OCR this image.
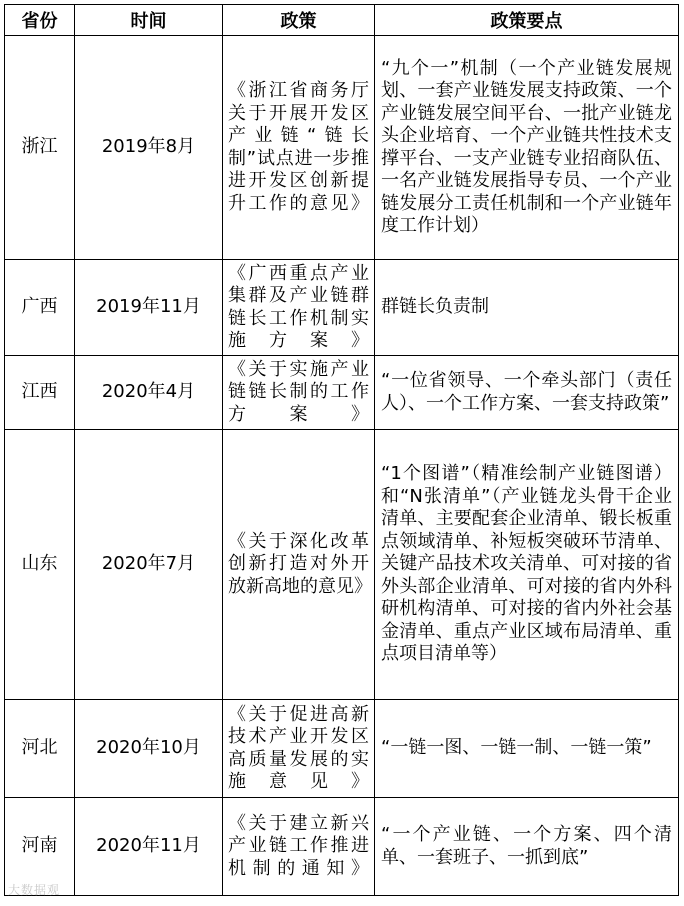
省份	时间	政策	政策要点
浙江	2019年8月	《浙江省商务厅关于开展开发区产业链“链长制”试点进一步推进开发区创新提升工作的意见》	“九个一”机制（一个产业链发展规划、一套产业链发展支持政策、一个产业链发展空间平台、一批产业链龙头企业培育、一个产业链共性技术支撑平台、一支产业链专业招商队伍、一名产业链发展指导专员、一个产业链发展分工责任机制和一个产业链年度工作计划）
广西	2019年11月	《广西重点产业集群及产业链群链长工作机制实施方案》	群链长负责制
江西	2020年4月	《关于实施产业链链长制的工作方案》	“一位省领导、一个牵头部门（责任人）、一个工作方案、一套支持政策”
山东	2020年7月	《关于深化改革创新打造对外开放新高地的意见》	“1个图谱”（精准绘制产业链图谱）和“N张清单”（产业链龙头骨干企业清单、主要配套企业清单、锻长板重点领域清单、补短板突破环节清单、关键产品技术攻关清单、可对接的省外头部企业清单、可对接的省内外科研机构清单、可对接的省内外社会基金清单、重点产业区域布局清单、重点项目清单等）
河北	2020年10月	《关于促进高新技术产业开发区高质量发展的实施意见》	“一链一图、一链一制、一链一策”
河南	2020年11月	《关于建立新兴产业链工作推进机制的通知》	“一个产业链、一个方案、四个清单、一套班子、一抓到底”
大数据观
